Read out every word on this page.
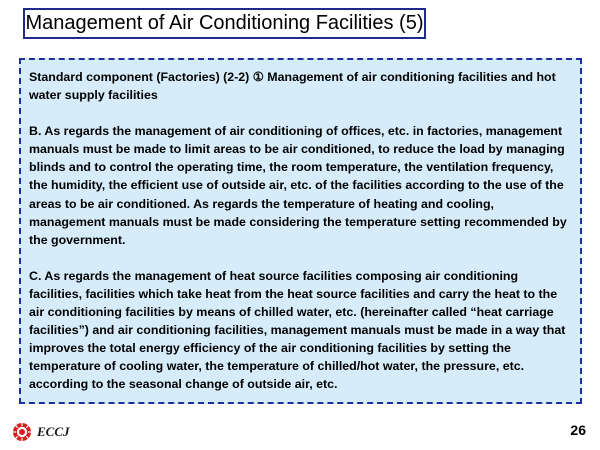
Management of Air Conditioning Facilities (5)

Standard component (Factories) (2-2) ① Management of air conditioning facilities and hot water supply facilities

B. As regards the management of air conditioning of offices, etc. in factories, management manuals must be made to limit areas to be air conditioned, to reduce the load by managing blinds and to control the operating time, the room temperature, the ventilation frequency, the humidity, the efficient use of outside air, etc. of the facilities according to the use of the areas to be air conditioned. As regards the temperature of heating and cooling, management manuals must be made considering the temperature setting recommended by the government.

C. As regards the management of heat source facilities composing air conditioning facilities, facilities which take heat from the heat source facilities and carry the heat to the air conditioning facilities by means of chilled water, etc. (hereinafter called “heat carriage facilities”) and air conditioning facilities, management manuals must be made in a way that improves the total energy efficiency of the air conditioning facilities by setting the temperature of cooling water, the temperature of chilled/hot water, the pressure, etc. according to the seasonal change of outside air, etc.

ECCJ	26
